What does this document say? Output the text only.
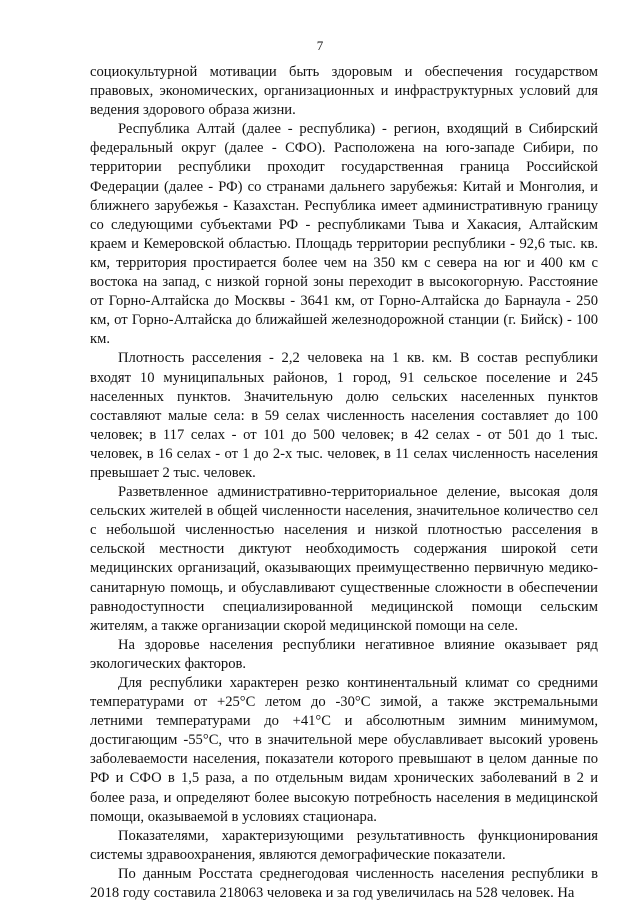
7

социокультурной мотивации быть здоровым и обеспечения государством правовых, экономических, организационных и инфраструктурных условий для ведения здорового образа жизни.

Республика Алтай (далее - республика) - регион, входящий в Сибирский федеральный округ (далее - СФО). Расположена на юго-западе Сибири, по территории республики проходит государственная граница Российской Федерации (далее - РФ) со странами дальнего зарубежья: Китай и Монголия, и ближнего зарубежья - Казахстан. Республика имеет административную границу со следующими субъектами РФ - республиками Тыва и Хакасия, Алтайским краем и Кемеровской областью. Площадь территории республики - 92,6 тыс. кв. км, территория простирается более чем на 350 км с севера на юг и 400 км с востока на запад, с низкой горной зоны переходит в высокогорную. Расстояние от Горно-Алтайска до Москвы - 3641 км, от Горно-Алтайска до Барнаула - 250 км, от Горно-Алтайска до ближайшей железнодорожной станции (г. Бийск) - 100 км.

Плотность расселения - 2,2 человека на 1 кв. км. В состав республики входят 10 муниципальных районов, 1 город, 91 сельское поселение и 245 населенных пунктов. Значительную долю сельских населенных пунктов составляют малые села: в 59 селах численность населения составляет до 100 человек; в 117 селах - от 101 до 500 человек; в 42 селах - от 501 до 1 тыс. человек, в 16 селах - от 1 до 2-х тыс. человек, в 11 селах численность населения превышает 2 тыс. человек.

Разветвленное административно-территориальное деление, высокая доля сельских жителей в общей численности населения, значительное количество сел с небольшой численностью населения и низкой плотностью расселения в сельской местности диктуют необходимость содержания широкой сети медицинских организаций, оказывающих преимущественно первичную медико-санитарную помощь, и обуславливают существенные сложности в обеспечении равнодоступности специализированной медицинской помощи сельским жителям, а также организации скорой медицинской помощи на селе.

На здоровье населения республики негативное влияние оказывает ряд экологических факторов.

Для республики характерен резко континентальный климат со средними температурами от +25°С летом до -30°С зимой, а также экстремальными летними температурами до +41°С и абсолютным зимним минимумом, достигающим -55°С, что в значительной мере обуславливает высокий уровень заболеваемости населения, показатели которого превышают в целом данные по РФ и СФО в 1,5 раза, а по отдельным видам хронических заболеваний в 2 и более раза, и определяют более высокую потребность населения в медицинской помощи, оказываемой в условиях стационара.

Показателями, характеризующими результативность функционирования системы здравоохранения, являются демографические показатели.

По данным Росстата среднегодовая численность населения республики в 2018 году составила 218063 человека и за год увеличилась на 528 человек. На
